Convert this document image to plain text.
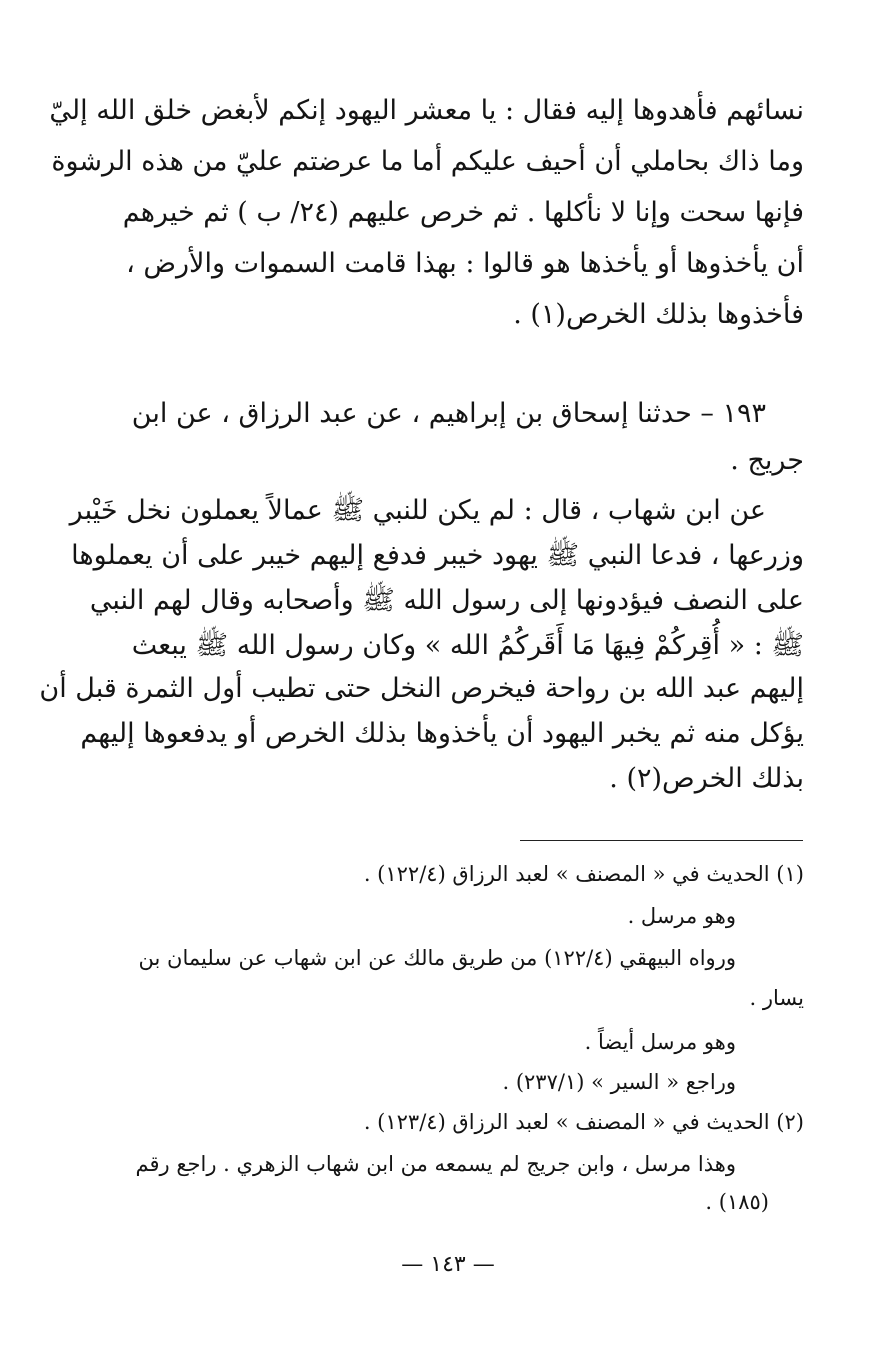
نسائهم فأهدوها إليه فقال : يا معشر اليهود إنكم لأبغض خلق الله إليّ
وما ذاك بحاملي أن أحيف عليكم أما ما عرضتم عليّ من هذه الرشوة
فإنها سحت وإنا لا نأكلها . ثم خرص عليهم (٢٤/ ب ) ثم خيرهم
أن يأخذوها أو يأخذها هو قالوا : بهذا قامت السموات والأرض ،
فأخذوها بذلك الخرص(١) .
١٩٣ – حدثنا إسحاق بن إبراهيم ، عن عبد الرزاق ، عن ابن
جريج .
عن ابن شهاب ، قال : لم يكن للنبي ﷺ عمالاً يعملون نخل خَيْبر
وزرعها ، فدعا النبي ﷺ يهود خيبر فدفع إليهم خيبر على أن يعملوها
على النصف فيؤدونها إلى رسول الله ﷺ وأصحابه وقال لهم النبي
ﷺ : « أُقِركُمْ فِيهَا مَا أَقَركُمُ الله » وكان رسول الله ﷺ يبعث
إليهم عبد الله بن رواحة فيخرص النخل حتى تطيب أول الثمرة قبل أن
(١) الحديث في « المصنف » لعبد الرزاق (١٢٢/٤) .
وهو مرسل .
ورواه البيهقي (١٢٢/٤) من طريق مالك عن ابن شهاب عن سليمان بن
يسار .
وهو مرسل أيضاً .
وراجع « السير » (٢٣٧/١) .
(٢) الحديث في « المصنف » لعبد الرزاق (١٢٣/٤) .
وهذا مرسل ، وابن جريج لم يسمعه من ابن شهاب الزهري . راجع رقم
(١٨٥) .
— ١٤٣ —
يؤكل منه ثم يخبر اليهود أن يأخذوها بذلك الخرص أو يدفعوها إليهم
بذلك الخرص(٢) .
